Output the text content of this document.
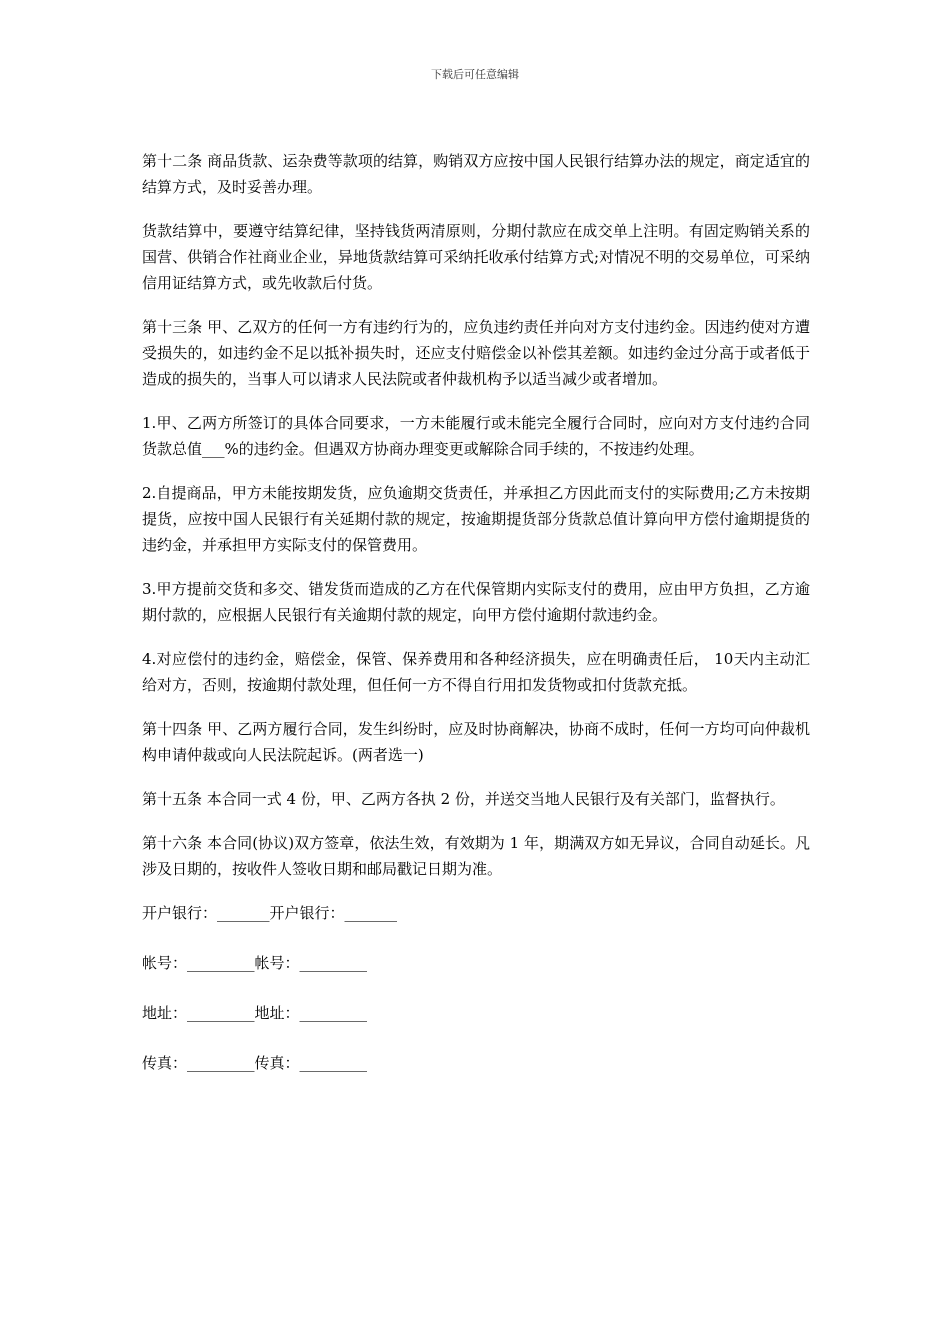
下载后可任意编辑

第十二条 商品货款、运杂费等款项的结算，购销双方应按中国人民银行结算办法的规定，商定适宜的结算方式，及时妥善办理。

货款结算中，要遵守结算纪律，坚持钱货两清原则，分期付款应在成交单上注明。有固定购销关系的国营、供销合作社商业企业，异地货款结算可采纳托收承付结算方式;对情况不明的交易单位，可采纳信用证结算方式，或先收款后付货。

第十三条 甲、乙双方的任何一方有违约行为的，应负违约责任并向对方支付违约金。因违约使对方遭受损失的，如违约金不足以抵补损失时，还应支付赔偿金以补偿其差额。如违约金过分高于或者低于造成的损失的，当事人可以请求人民法院或者仲裁机构予以适当减少或者增加。

1.甲、乙两方所签订的具体合同要求，一方未能履行或未能完全履行合同时，应向对方支付违约合同货款总值___%的违约金。但遇双方协商办理变更或解除合同手续的，不按违约处理。

2.自提商品，甲方未能按期发货，应负逾期交货责任，并承担乙方因此而支付的实际费用;乙方未按期提货，应按中国人民银行有关延期付款的规定，按逾期提货部分货款总值计算向甲方偿付逾期提货的违约金，并承担甲方实际支付的保管费用。

3.甲方提前交货和多交、错发货而造成的乙方在代保管期内实际支付的费用，应由甲方负担，乙方逾期付款的，应根据人民银行有关逾期付款的规定，向甲方偿付逾期付款违约金。

4.对应偿付的违约金，赔偿金，保管、保养费用和各种经济损失，应在明确责任后， 10天内主动汇给对方，否则，按逾期付款处理，但任何一方不得自行用扣发货物或扣付货款充抵。

第十四条 甲、乙两方履行合同，发生纠纷时，应及时协商解决，协商不成时，任何一方均可向仲裁机构申请仲裁或向人民法院起诉。(两者选一)

第十五条 本合同一式 4 份，甲、乙两方各执 2 份，并送交当地人民银行及有关部门，监督执行。

第十六条 本合同(协议)双方签章，依法生效，有效期为 1 年，期满双方如无异议，合同自动延长。凡涉及日期的，按收件人签收日期和邮局戳记日期为准。

开户银行：_______开户银行：_______

帐号：_________帐号：_________

地址：_________地址：_________

传真：_________传真：_________
